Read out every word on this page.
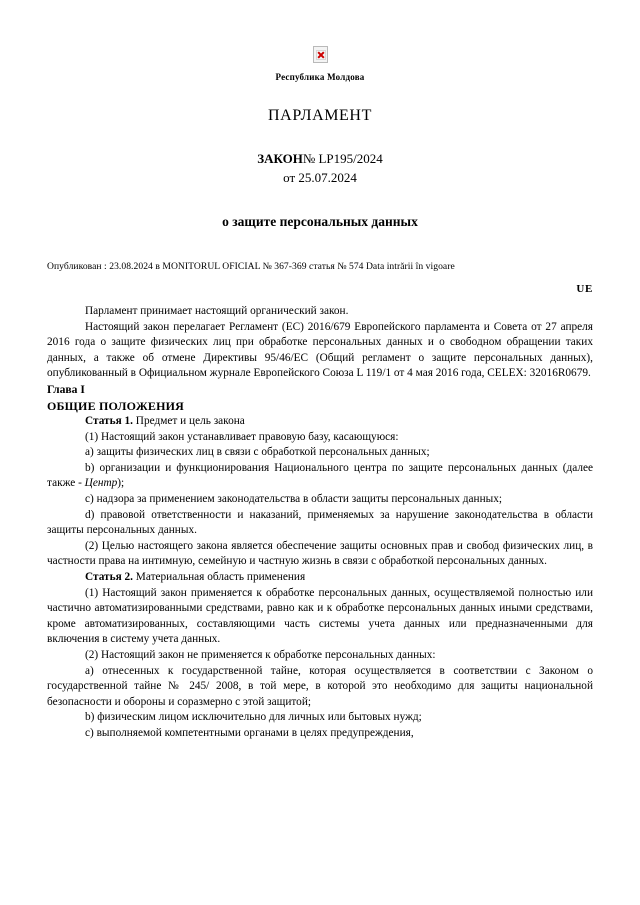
Республика Молдова
ПАРЛАМЕНТ
ЗАКОН№ LP195/2024
от 25.07.2024
о защите персональных данных
Опубликован : 23.08.2024 в MONITORUL OFICIAL № 367-369 статья № 574 Data intrării în vigoare
UE

Парламент принимает настоящий органический закон.

Настоящий закон перелагает Регламент (ЕС) 2016/679 Европейского парламента и Совета от 27 апреля 2016 года о защите физических лиц при обработке персональных данных и о свободном обращении таких данных, а также об отмене Директивы 95/46/ЕС (Общий регламент о защите персональных данных), опубликованный в Официальном журнале Европейского Союза L 119/1 от 4 мая 2016 года, CELEX: 32016R0679.

Глава I

ОБЩИЕ ПОЛОЖЕНИЯ

Статья 1. Предмет и цель закона

(1) Настоящий закон устанавливает правовую базу, касающуюся:

a) защиты физических лиц в связи с обработкой персональных данных;

b) организации и функционирования Национального центра по защите персональных данных (далее также - Центр);

c) надзора за применением законодательства в области защиты персональных данных;

d) правовой ответственности и наказаний, применяемых за нарушение законодательства в области защиты персональных данных.

(2) Целью настоящего закона является обеспечение защиты основных прав и свобод физических лиц, в частности права на интимную, семейную и частную жизнь в связи с обработкой персональных данных.

Статья 2. Материальная область применения

(1) Настоящий закон применяется к обработке персональных данных, осуществляемой полностью или частично автоматизированными средствами, равно как и к обработке персональных данных иными средствами, кроме автоматизированных, составляющими часть системы учета данных или предназначенными для включения в систему учета данных.

(2) Настоящий закон не применяется к обработке персональных данных:

a) отнесенных к государственной тайне, которая осуществляется в соответствии с Законом о государственной тайне № 245/ 2008, в той мере, в которой это необходимо для защиты национальной безопасности и обороны и соразмерно с этой защитой;

b) физическим лицом исключительно для личных или бытовых нужд;

c) выполняемой компетентными органами в целях предупреждения,
